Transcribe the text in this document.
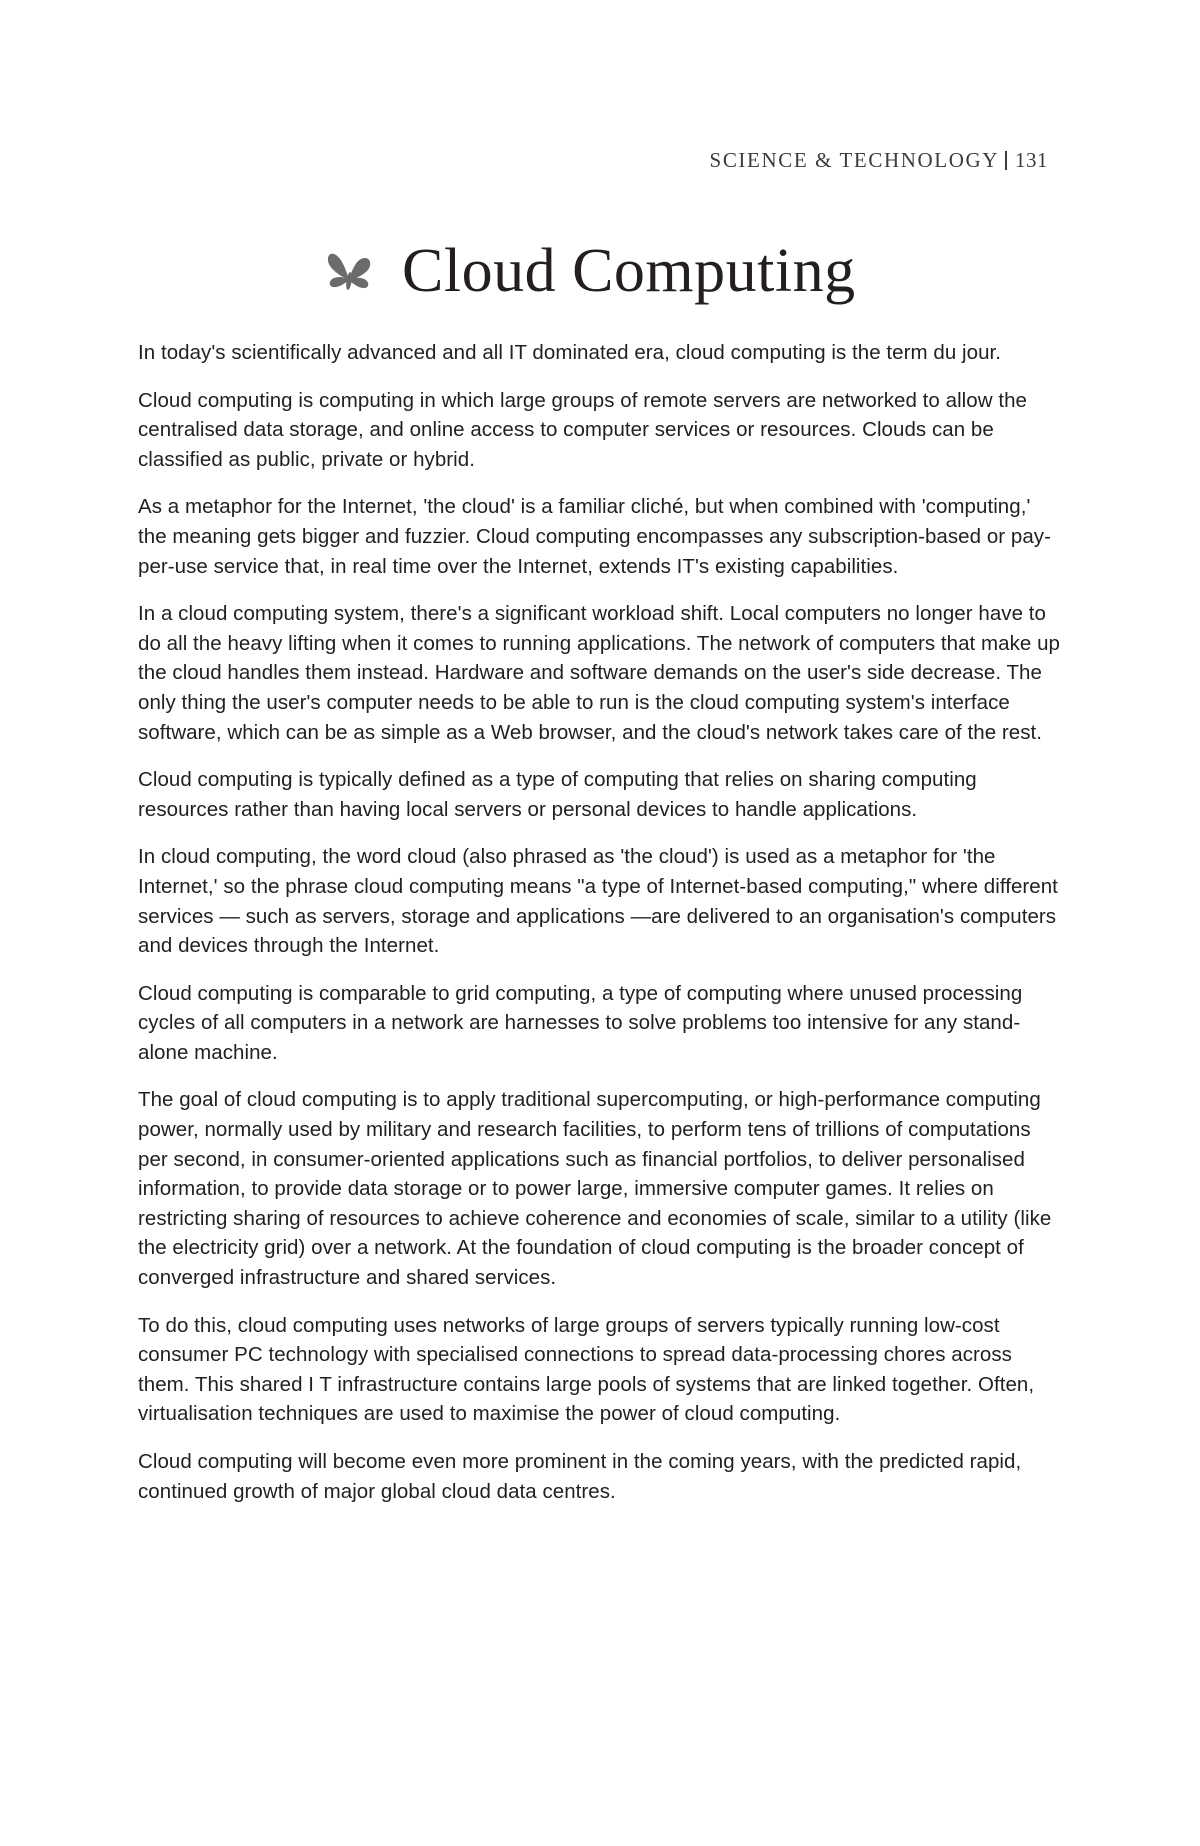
SCIENCE & TECHNOLOGY 131
Cloud Computing

In today's scientifically advanced and all IT dominated era, cloud computing is the term du jour.

Cloud computing is computing in which large groups of remote servers are networked to allow the centralised data storage, and online access to computer services or resources. Clouds can be classified as public, private or hybrid.

As a metaphor for the Internet, 'the cloud' is a familiar cliché, but when combined with 'computing,' the meaning gets bigger and fuzzier. Cloud computing encompasses any subscription-based or pay-per-use service that, in real time over the Internet, extends IT's existing capabilities.

In a cloud computing system, there's a significant workload shift. Local computers no longer have to do all the heavy lifting when it comes to running applications. The network of computers that make up the cloud handles them instead. Hardware and software demands on the user's side decrease. The only thing the user's computer needs to be able to run is the cloud computing system's interface software, which can be as simple as a Web browser, and the cloud's network takes care of the rest.

Cloud computing is typically defined as a type of computing that relies on sharing computing resources rather than having local servers or personal devices to handle applications.

In cloud computing, the word cloud (also phrased as 'the cloud') is used as a metaphor for 'the Internet,' so the phrase cloud computing means "a type of Internet-based computing," where different services — such as servers, storage and applications —are delivered to an organisation's computers and devices through the Internet.

Cloud computing is comparable to grid computing, a type of computing where unused processing cycles of all computers in a network are harnesses to solve problems too intensive for any stand-alone machine.

The goal of cloud computing is to apply traditional supercomputing, or high-performance computing power, normally used by military and research facilities, to perform tens of trillions of computations per second, in consumer-oriented applications such as financial portfolios, to deliver personalised information, to provide data storage or to power large, immersive computer games. It relies on restricting sharing of resources to achieve coherence and economies of scale, similar to a utility (like the electricity grid) over a network. At the foundation of cloud computing is the broader concept of converged infrastructure and shared services.

To do this, cloud computing uses networks of large groups of servers typically running low-cost consumer PC technology with specialised connections to spread data-processing chores across them. This shared I T infrastructure contains large pools of systems that are linked together. Often, virtualisation techniques are used to maximise the power of cloud computing.

Cloud computing will become even more prominent in the coming years, with the predicted rapid, continued growth of major global cloud data centres.
